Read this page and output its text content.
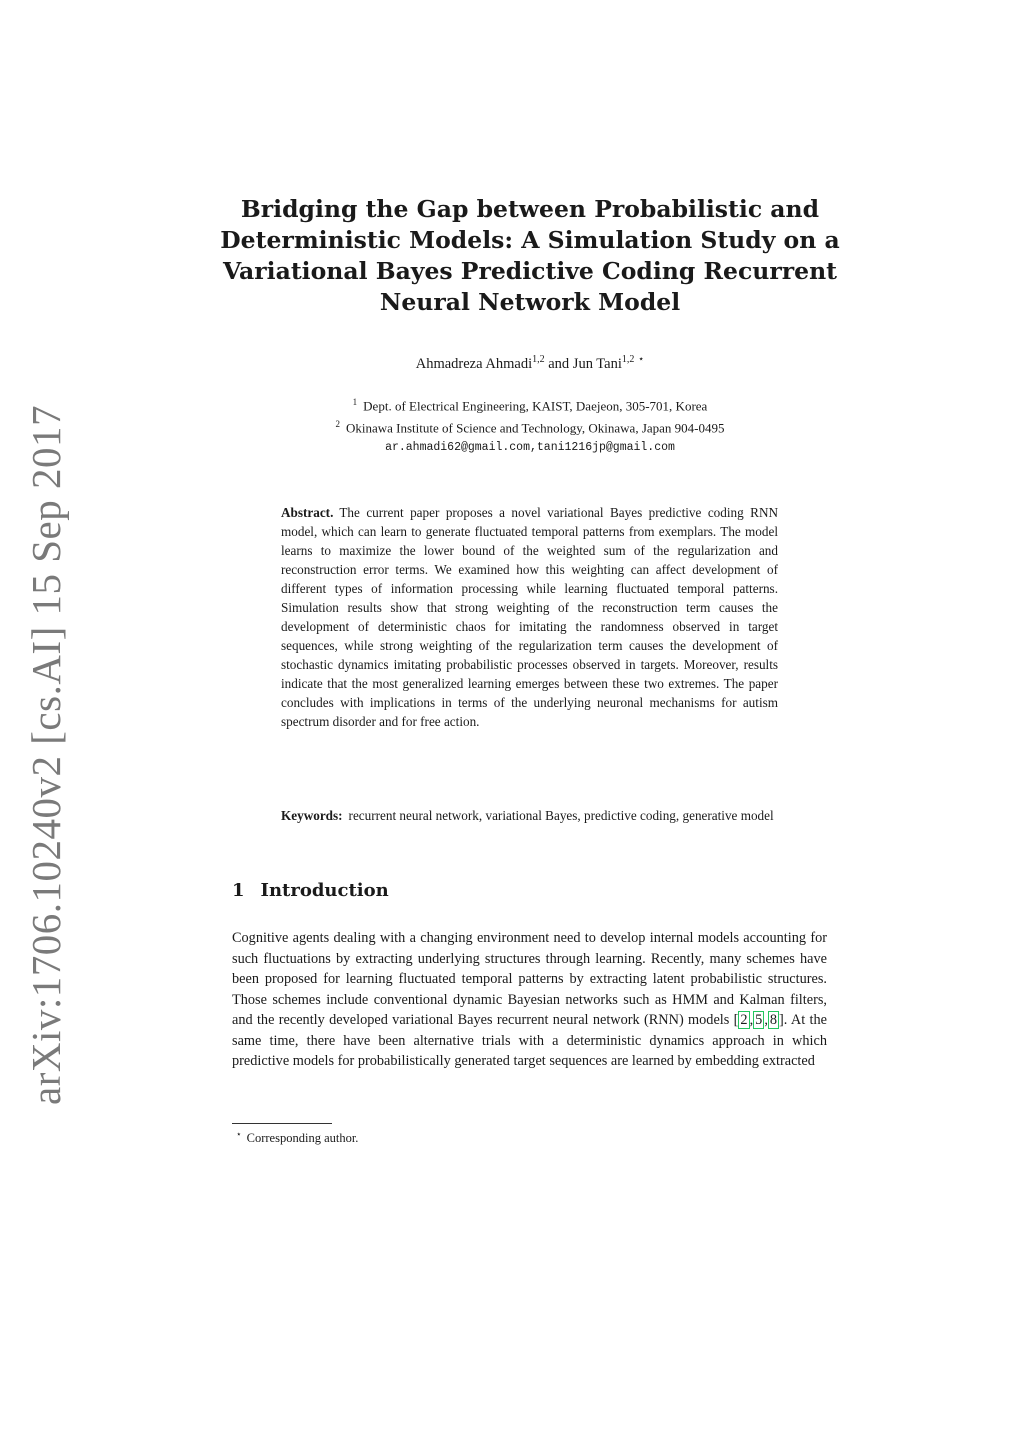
arXiv:1706.10240v2 [cs.AI] 15 Sep 2017
Bridging the Gap between Probabilistic and Deterministic Models: A Simulation Study on a Variational Bayes Predictive Coding Recurrent Neural Network Model
Ahmadreza Ahmadi$^{1,2}$ and Jun Tani$^{1,2}$ ⋆
$^1$ Dept. of Electrical Engineering, KAIST, Daejeon, 305-701, Korea
$^2$ Okinawa Institute of Science and Technology, Okinawa, Japan 904-0495
ar.ahmadi62@gmail.com,tani1216jp@gmail.com

Abstract. The current paper proposes a novel variational Bayes predictive coding RNN model, which can learn to generate fluctuated temporal patterns from exemplars. The model learns to maximize the lower bound of the weighted sum of the regularization and reconstruction error terms. We examined how this weighting can affect development of different types of information processing while learning fluctuated temporal patterns. Simulation results show that strong weighting of the reconstruction term causes the development of deterministic chaos for imitating the randomness observed in target sequences, while strong weighting of the regularization term causes the development of stochastic dynamics imitating probabilistic processes observed in targets. Moreover, results indicate that the most generalized learning emerges between these two extremes. The paper concludes with implications in terms of the underlying neuronal mechanisms for autism spectrum disorder and for free action.

Keywords: recurrent neural network, variational Bayes, predictive coding, generative model

1 Introduction

Cognitive agents dealing with a changing environment need to develop internal models accounting for such fluctuations by extracting underlying structures through learning. Recently, many schemes have been proposed for learning fluctuated temporal patterns by extracting latent probabilistic structures. Those schemes include conventional dynamic Bayesian networks such as HMM and Kalman filters, and the recently developed variational Bayes recurrent neural network (RNN) models [ 2 , 5 , 8 ]. At the same time, there have been alternative trials with a deterministic dynamics approach in which predictive models for probabilistically generated target sequences are learned by embedding extracted

⋆ Corresponding author.
